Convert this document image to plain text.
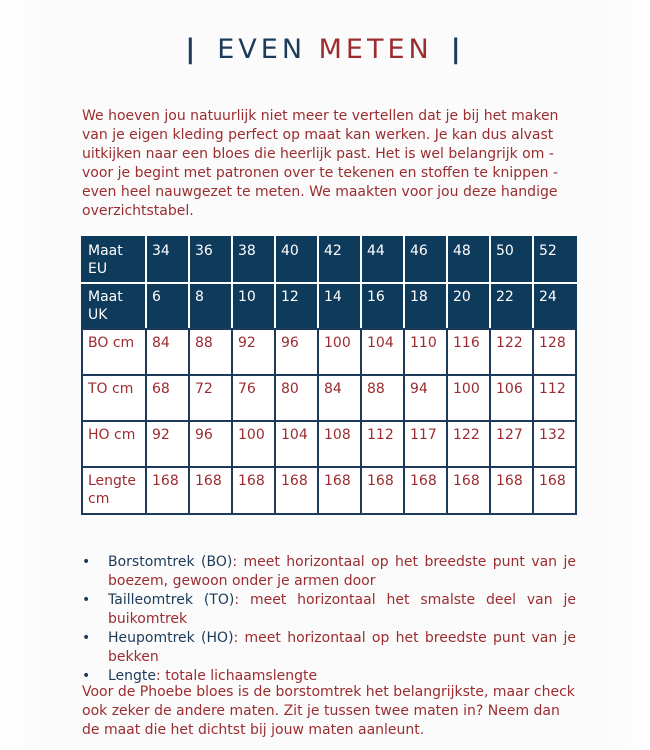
| EVEN METEN |

We hoeven jou natuurlijk niet meer te vertellen dat je bij het maken van je eigen kleding perfect op maat kan werken. Je kan dus alvast uitkijken naar een bloes die heerlijk past. Het is wel belangrijk om - voor je begint met patronen over te tekenen en stoffen te knippen - even heel nauwgezet te meten. We maakten voor jou deze handige overzichtstabel.

Maat EU	34	36	38	40	42	44	46	48	50	52
Maat UK	6	8	10	12	14	16	18	20	22	24
BO cm	84	88	92	96	100	104	110	116	122	128
TO cm	68	72	76	80	84	88	94	100	106	112
HO cm	92	96	100	104	108	112	117	122	127	132
Lengte cm	168	168	168	168	168	168	168	168	168	168
• Borstomtrek (BO): meet horizontaal op het breedste punt van je boezem, gewoon onder je armen door
• Tailleomtrek (TO): meet horizontaal het smalste deel van je buikomtrek
• Heupomtrek (HO): meet horizontaal op het breedste punt van je bekken
• Lengte: totale lichaamslengte

Voor de Phoebe bloes is de borstomtrek het belangrijkste, maar check ook zeker de andere maten. Zit je tussen twee maten in? Neem dan de maat die het dichtst bij jouw maten aanleunt.
